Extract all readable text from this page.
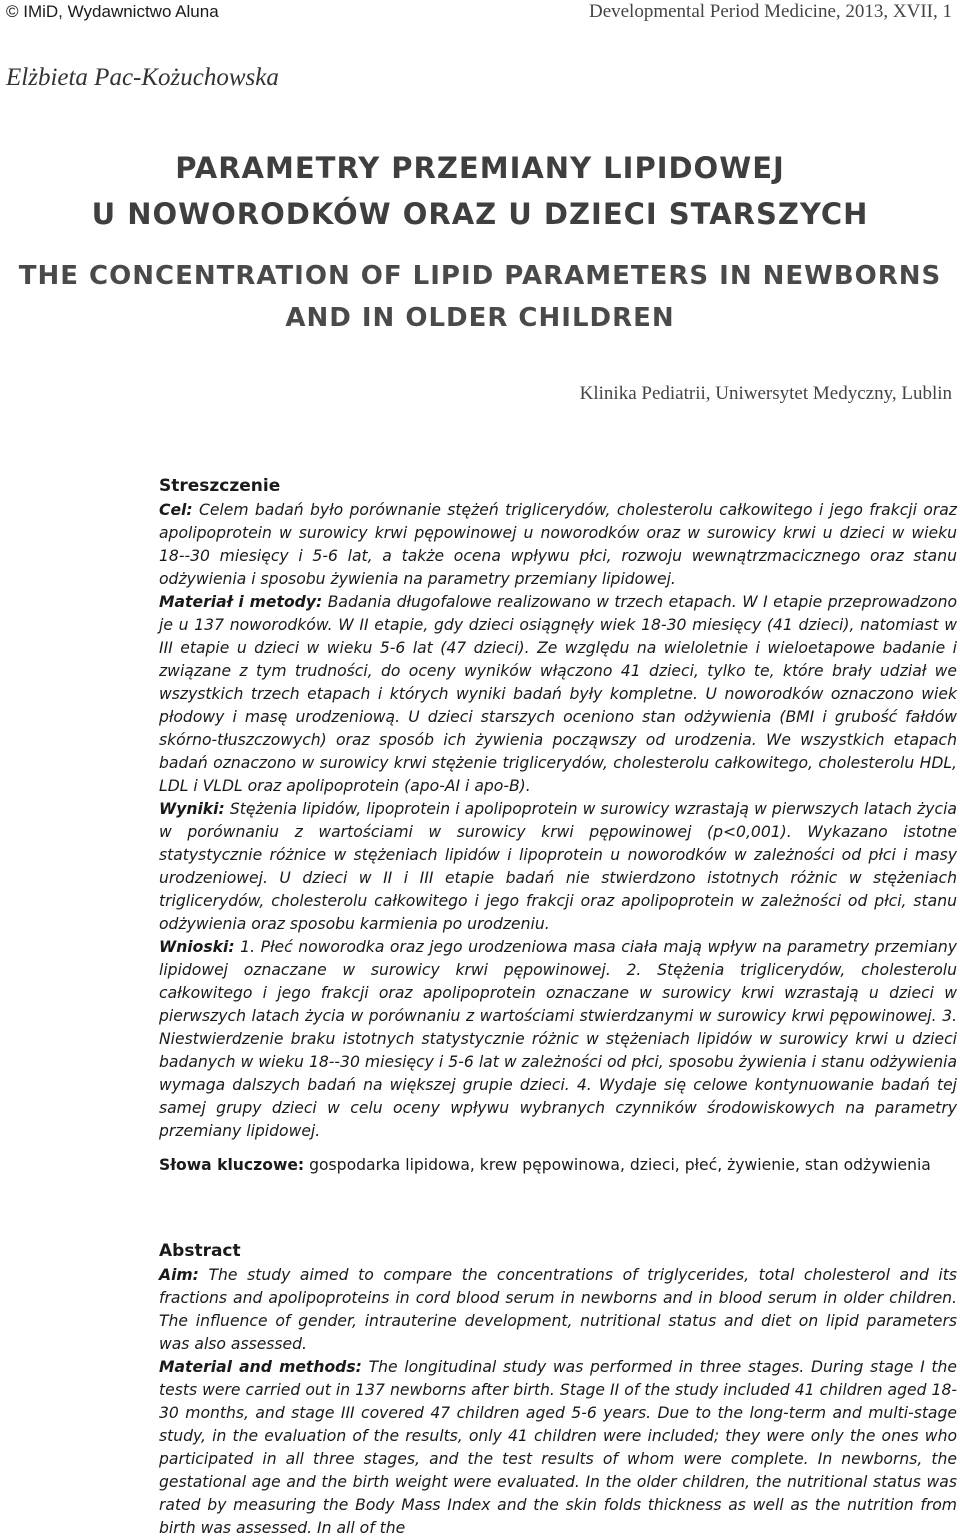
© IMiD, Wydawnictwo Aluna	Developmental Period Medicine, 2013, XVII, 1
Elżbieta Pac-Kożuchowska
PARAMETRY PRZEMIANY LIPIDOWEJ
U NOWORODKÓW ORAZ U DZIECI STARSZYCH
THE CONCENTRATION OF LIPID PARAMETERS IN NEWBORNS
AND IN OLDER CHILDREN
Klinika Pediatrii, Uniwersytet Medyczny, Lublin
Streszczenie

Cel: Celem badań było porównanie stężeń triglicerydów, cholesterolu całkowitego i jego frakcji oraz apolipoprotein w surowicy krwi pępowinowej u noworodków oraz w surowicy krwi u dzieci w wieku 18--30 miesięcy i 5-6 lat, a także ocena wpływu płci, rozwoju wewnątrzmacicznego oraz stanu odżywienia i sposobu żywienia na parametry przemiany lipidowej.

Materiał i metody: Badania długofalowe realizowano w trzech etapach. W I etapie przeprowadzono je u 137 noworodków. W II etapie, gdy dzieci osiągnęły wiek 18-30 miesięcy (41 dzieci), natomiast w III etapie u dzieci w wieku 5-6 lat (47 dzieci). Ze względu na wieloletnie i wieloetapowe badanie i związane z tym trudności, do oceny wyników włączono 41 dzieci, tylko te, które brały udział we wszystkich trzech etapach i których wyniki badań były kompletne. U noworodków oznaczono wiek płodowy i masę urodzeniową. U dzieci starszych oceniono stan odżywienia (BMI i grubość fałdów skórno-tłuszczowych) oraz sposób ich żywienia począwszy od urodzenia. We wszystkich etapach badań oznaczono w surowicy krwi stężenie triglicerydów, cholesterolu całkowitego, cholesterolu HDL, LDL i VLDL oraz apolipoprotein (apo-AI i apo-B).

Wyniki: Stężenia lipidów, lipoprotein i apolipoprotein w surowicy wzrastają w pierwszych latach życia w porównaniu z wartościami w surowicy krwi pępowinowej (p<0,001). Wykazano istotne statystycznie różnice w stężeniach lipidów i lipoprotein u noworodków w zależności od płci i masy urodzeniowej. U dzieci w II i III etapie badań nie stwierdzono istotnych różnic w stężeniach triglicerydów, cholesterolu całkowitego i jego frakcji oraz apolipoprotein w zależności od płci, stanu odżywienia oraz sposobu karmienia po urodzeniu.

Wnioski: 1. Płeć noworodka oraz jego urodzeniowa masa ciała mają wpływ na parametry przemiany lipidowej oznaczane w surowicy krwi pępowinowej. 2. Stężenia triglicerydów, cholesterolu całkowitego i jego frakcji oraz apolipoprotein oznaczane w surowicy krwi wzrastają u dzieci w pierwszych latach życia w porównaniu z wartościami stwierdzanymi w surowicy krwi pępowinowej. 3. Niestwierdzenie braku istotnych statystycznie różnic w stężeniach lipidów w surowicy krwi u dzieci badanych w wieku 18--30 miesięcy i 5-6 lat w zależności od płci, sposobu żywienia i stanu odżywienia wymaga dalszych badań na większej grupie dzieci. 4. Wydaje się celowe kontynuowanie badań tej samej grupy dzieci w celu oceny wpływu wybranych czynników środowiskowych na parametry przemiany lipidowej.

Słowa kluczowe: gospodarka lipidowa, krew pępowinowa, dzieci, płeć, żywienie, stan odżywienia
Abstract

Aim: The study aimed to compare the concentrations of triglycerides, total cholesterol and its fractions and apolipoproteins in cord blood serum in newborns and in blood serum in older children. The influence of gender, intrauterine development, nutritional status and diet on lipid parameters was also assessed.

Material and methods: The longitudinal study was performed in three stages. During stage I the tests were carried out in 137 newborns after birth. Stage II of the study included 41 children aged 18-30 months, and stage III covered 47 children aged 5-6 years. Due to the long-term and multi-stage study, in the evaluation of the results, only 41 children were included; they were only the ones who participated in all three stages, and the test results of whom were complete. In newborns, the gestational age and the birth weight were evaluated. In the older children, the nutritional status was rated by measuring the Body Mass Index and the skin folds thickness as well as the nutrition from birth was assessed. In all of the
